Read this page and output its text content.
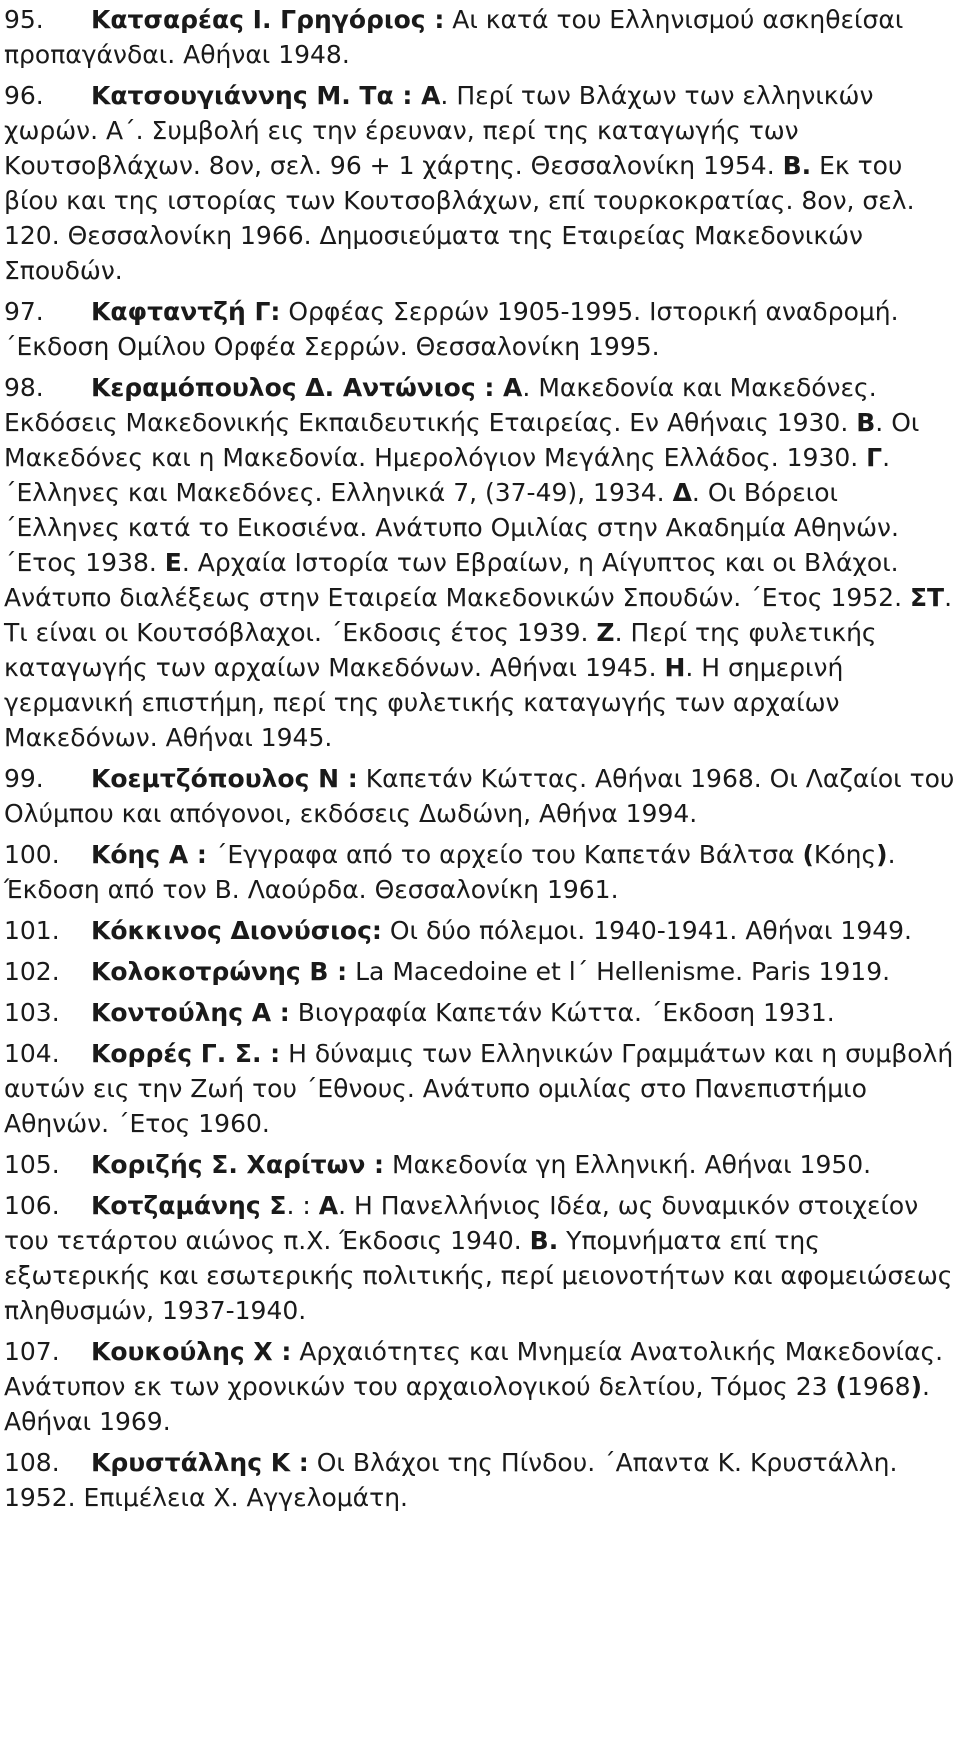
95. Κατσαρέας Ι. Γρηγόριος : Αι κατά του Ελληνισμού ασκηθείσαι προπαγάνδαι. Αθήναι 1948.

96. Κατσουγιάννης Μ. Τα : Α. Περί των Βλάχων των ελληνικών χωρών. Α΄. Συμβολή εις την έρευναν, περί της καταγωγής των Κουτσοβλάχων. 8ον, σελ. 96 + 1 χάρτης. Θεσσαλονίκη 1954. Β. Εκ του βίου και της ιστορίας των Κουτσοβλάχων, επί τουρκοκρατίας. 8ον, σελ. 120. Θεσσαλονίκη 1966. Δημοσιεύματα της Εταιρείας Μακεδονικών Σπουδών.

97. Καφταντζή Γ: Ορφέας Σερρών 1905-1995. Ιστορική αναδρομή. ΄Εκδοση Ομίλου Ορφέα Σερρών. Θεσσαλονίκη 1995.

98. Κεραμόπουλος Δ. Αντώνιος : Α. Μακεδονία και Μακεδόνες. Εκδόσεις Μακεδονικής Εκπαιδευτικής Εταιρείας. Εν Αθήναις 1930. Β. Οι Μακεδόνες και η Μακεδονία. Ημερολόγιον Μεγάλης Ελλάδος. 1930. Γ. ΄Ελληνες και Μακεδόνες. Ελληνικά 7, (37-49), 1934. Δ. Οι Βόρειοι ΄Ελληνες κατά το Εικοσιένα. Ανάτυπο Ομιλίας στην Ακαδημία Αθηνών. ΄Ετος 1938. Ε. Αρχαία Ιστορία των Εβραίων, η Αίγυπτος και οι Βλάχοι. Ανάτυπο διαλέξεως στην Εταιρεία Μακεδονικών Σπουδών. ΄Ετος 1952. ΣΤ. Τι είναι οι Κουτσόβλαχοι. ΄Εκδοσις έτος 1939. Ζ. Περί της φυλετικής καταγωγής των αρχαίων Μακεδόνων. Αθήναι 1945. Η. Η σημερινή γερμανική επιστήμη, περί της φυλετικής καταγωγής των αρχαίων Μακεδόνων. Αθήναι 1945.

99. Κοεμτζόπουλος Ν : Καπετάν Κώττας. Αθήναι 1968. Οι Λαζαίοι του Ολύμπου και απόγονοι, εκδόσεις Δωδώνη, Αθήνα 1994.

100. Κόης Α : ΄Εγγραφα από το αρχείο του Καπετάν Βάλτσα (Κόης). Έκδοση από τον Β. Λαούρδα. Θεσσαλονίκη 1961.

101. Κόκκινος Διονύσιος: Οι δύο πόλεμοι. 1940-1941. Αθήναι 1949.

102. Κολοκοτρώνης Β : La Macedoine et l΄ Hellenisme. Paris 1919.

103. Κοντούλης Α : Βιογραφία Καπετάν Κώττα. ΄Εκδοση 1931.

104. Κορρές Γ. Σ. : Η δύναμις των Ελληνικών Γραμμάτων και η συμβολή αυτών εις την Ζωή του ΄Εθνους. Ανάτυπο ομιλίας στο Πανεπιστήμιο Αθηνών. ΄Ετος 1960.

105. Κοριζής Σ. Χαρίτων : Μακεδονία γη Ελληνική. Αθήναι 1950.

106. Κοτζαμάνης Σ. : Α. Η Πανελλήνιος Ιδέα, ως δυναμικόν στοιχείον του τετάρτου αιώνος π.Χ. Έκδοσις 1940. Β. Υπομνήματα επί της εξωτερικής και εσωτερικής πολιτικής, περί μειονοτήτων και αφομειώσεως πληθυσμών, 1937-1940.

107. Κουκούλης Χ : Αρχαιότητες και Μνημεία Ανατολικής Μακεδονίας. Ανάτυπον εκ των χρονικών του αρχαιολογικού δελτίου, Τόμος 23 (1968). Αθήναι 1969.

108. Κρυστάλλης Κ : Οι Βλάχοι της Πίνδου. ΄Απαντα Κ. Κρυστάλλη. 1952. Επιμέλεια Χ. Αγγελομάτη.
